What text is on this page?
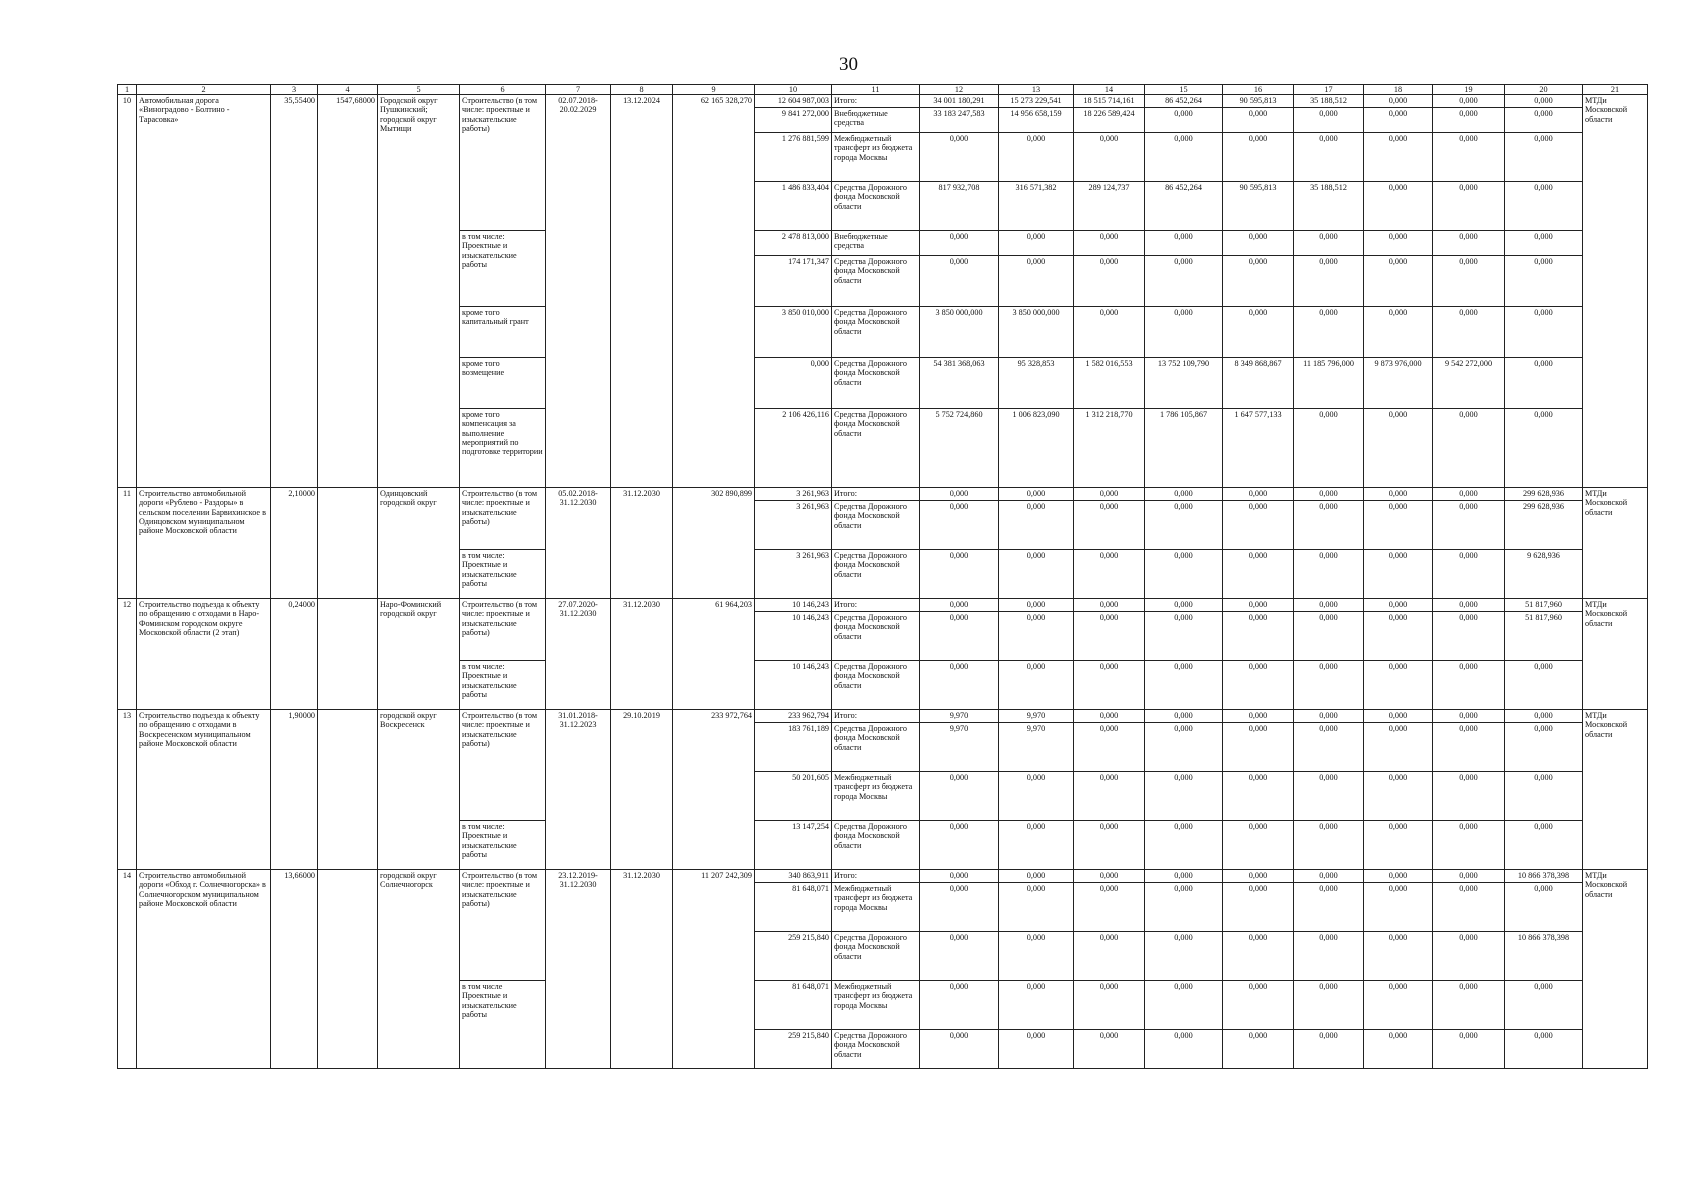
30
1	2	3	4	5	6	7	8	9	10	11	12	13	14	15	16	17	18	19	20	21
10	Автомобильная дорога «Виноградово - Болтино - Тарасовка»	35,55400	1547,68000	Городской округ Пушкинский; городской округ Мытищи	Строительство (в том числе: проектные и изыскательские работы)	02.07.2018- 20.02.2029	13.12.2024	62 165 328,270	12 604 987,003	Итого:	34 001 180,291	15 273 229,541	18 515 714,161	86 452,264	90 595,813	35 188,512	0,000	0,000	0,000	МТДи Московской области
									9 841 272,000	Внебюджетные средства	33 183 247,583	14 956 658,159	18 226 589,424	0,000	0,000	0,000	0,000	0,000	0,000	
									1 276 881,599	Межбюджетный трансферт из бюджета города Москвы	0,000	0,000	0,000	0,000	0,000	0,000	0,000	0,000	0,000	
									1 486 833,404	Средства Дорожного фонда Московской области	817 932,708	316 571,382	289 124,737	86 452,264	90 595,813	35 188,512	0,000	0,000	0,000	
					в том числе: Проектные и изыскательские работы				2 478 813,000	Внебюджетные средства	0,000	0,000	0,000	0,000	0,000	0,000	0,000	0,000	0,000	
									174 171,347	Средства Дорожного фонда Московской области	0,000	0,000	0,000	0,000	0,000	0,000	0,000	0,000	0,000	
					кроме того капитальный грант				3 850 010,000	Средства Дорожного фонда Московской области	3 850 000,000	3 850 000,000	0,000	0,000	0,000	0,000	0,000	0,000	0,000	
					кроме того возмещение				0,000	Средства Дорожного фонда Московской области	54 381 368,063	95 328,853	1 582 016,553	13 752 109,790	8 349 868,867	11 185 796,000	9 873 976,000	9 542 272,000	0,000	
					кроме того компенсация за выполнение мероприятий по подготовке территории				2 106 426,116	Средства Дорожного фонда Московской области	5 752 724,860	1 006 823,090	1 312 218,770	1 786 105,867	1 647 577,133	0,000	0,000	0,000	0,000	
11	Строительство автомобильной дороги «Рублево - Раздоры» в сельском поселении Барвихинское в Одинцовском муниципальном районе Московской области	2,10000		Одинцовский городской округ	Строительство (в том числе: проектные и изыскательские работы)	05.02.2018- 31.12.2030	31.12.2030	302 890,899	3 261,963	Итого:	0,000	0,000	0,000	0,000	0,000	0,000	0,000	0,000	299 628,936	МТДи Московской области
									3 261,963	Средства Дорожного фонда Московской области	0,000	0,000	0,000	0,000	0,000	0,000	0,000	0,000	299 628,936	
					в том числе: Проектные и изыскательские работы				3 261,963	Средства Дорожного фонда Московской области	0,000	0,000	0,000	0,000	0,000	0,000	0,000	0,000	9 628,936	
12	Строительство подъезда к объекту по обращению с отходами в Наро-Фоминском городском округе Московской области (2 этап)	0,24000		Наро-Фоминский городской округ	Строительство (в том числе: проектные и изыскательские работы)	27.07.2020- 31.12.2030	31.12.2030	61 964,203	10 146,243	Итого:	0,000	0,000	0,000	0,000	0,000	0,000	0,000	0,000	51 817,960	МТДи Московской области
									10 146,243	Средства Дорожного фонда Московской области	0,000	0,000	0,000	0,000	0,000	0,000	0,000	0,000	51 817,960	
					в том числе: Проектные и изыскательские работы				10 146,243	Средства Дорожного фонда Московской области	0,000	0,000	0,000	0,000	0,000	0,000	0,000	0,000	0,000	
13	Строительство подъезда к объекту по обращению с отходами в Воскресенском муниципальном районе Московской области	1,90000		городской округ Воскресенск	Строительство (в том числе: проектные и изыскательские работы)	31.01.2018- 31.12.2023	29.10.2019	233 972,764	233 962,794	Итого:	9,970	9,970	0,000	0,000	0,000	0,000	0,000	0,000	0,000	МТДи Московской области
									183 761,189	Средства Дорожного фонда Московской области	9,970	9,970	0,000	0,000	0,000	0,000	0,000	0,000	0,000	
									50 201,605	Межбюджетный трансферт из бюджета города Москвы	0,000	0,000	0,000	0,000	0,000	0,000	0,000	0,000	0,000	
					в том числе: Проектные и изыскательские работы				13 147,254	Средства Дорожного фонда Московской области	0,000	0,000	0,000	0,000	0,000	0,000	0,000	0,000	0,000	
14	Строительство автомобильной дороги «Обход г. Солнечногорска» в Солнечногорском муниципальном районе Московской области	13,66000		городской округ Солнечногорск	Строительство (в том числе: проектные и изыскательские работы)	23.12.2019- 31.12.2030	31.12.2030	11 207 242,309	340 863,911	Итого:	0,000	0,000	0,000	0,000	0,000	0,000	0,000	0,000	10 866 378,398	МТДи Московской области
									81 648,071	Межбюджетный трансферт из бюджета города Москвы	0,000	0,000	0,000	0,000	0,000	0,000	0,000	0,000	0,000	
									259 215,840	Средства Дорожного фонда Московской области	0,000	0,000	0,000	0,000	0,000	0,000	0,000	0,000	10 866 378,398	
					в том числе Проектные и изыскательские работы				81 648,071	Межбюджетный трансферт из бюджета города Москвы	0,000	0,000	0,000	0,000	0,000	0,000	0,000	0,000	0,000	
									259 215,840	Средства Дорожного фонда Московской области	0,000	0,000	0,000	0,000	0,000	0,000	0,000	0,000	0,000	
